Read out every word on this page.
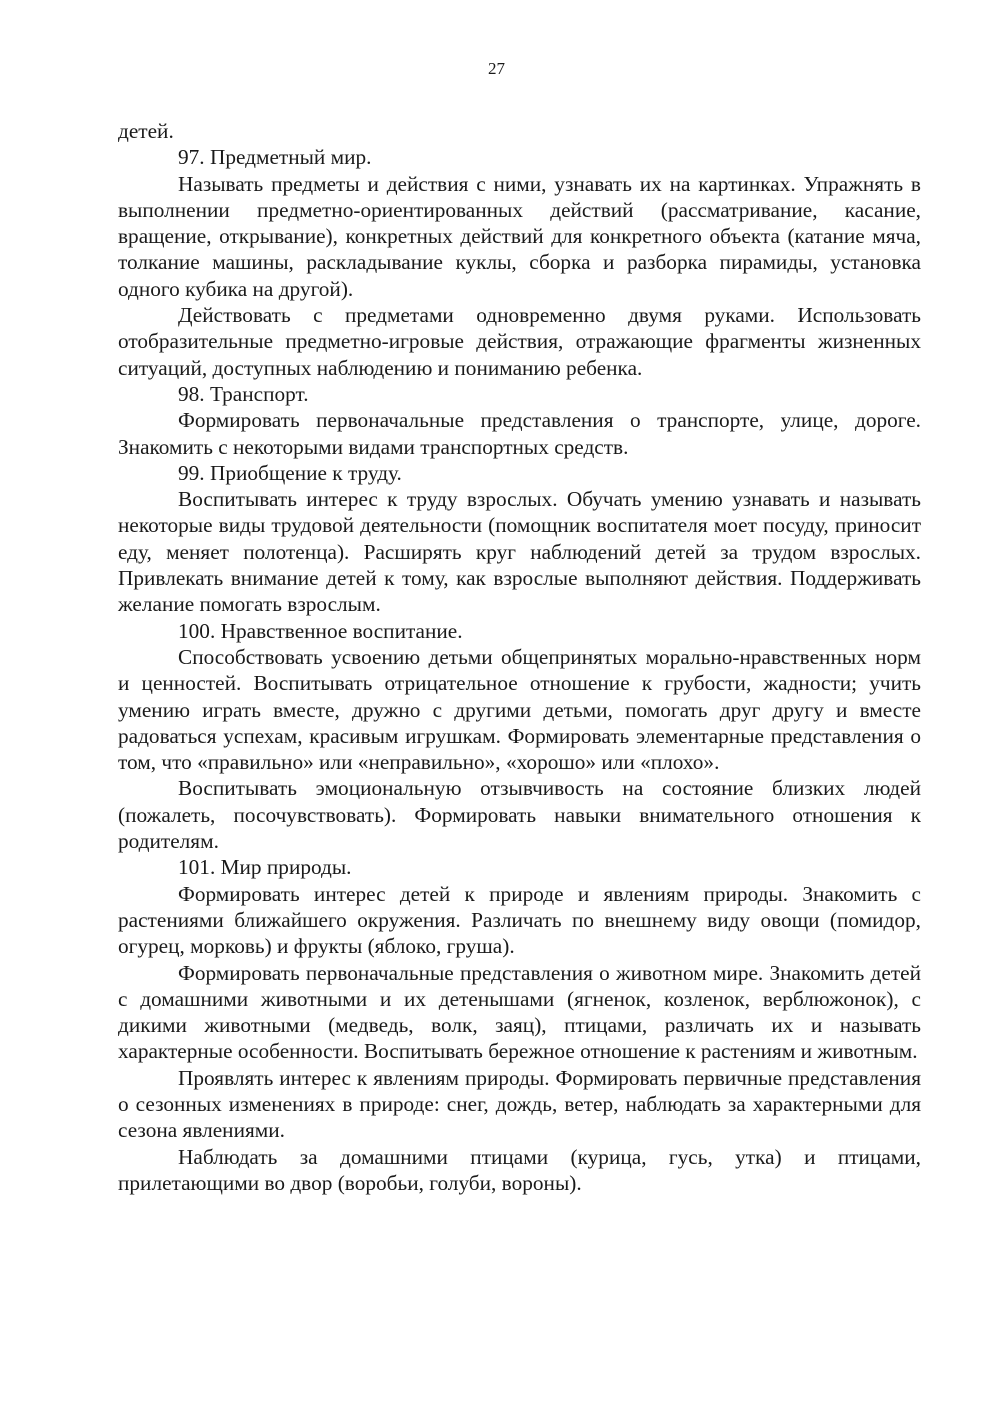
27

детей.

97. Предметный мир.

Называть предметы и действия с ними, узнавать их на картинках. Упражнять в выполнении предметно-ориентированных действий (рассматривание, касание, вращение, открывание), конкретных действий для конкретного объекта (катание мяча, толкание машины, раскладывание куклы, сборка и разборка пирамиды, установка одного кубика на другой).

Действовать с предметами одновременно двумя руками. Использовать отобразительные предметно-игровые действия, отражающие фрагменты жизненных ситуаций, доступных наблюдению и пониманию ребенка.

98. Транспорт.

Формировать первоначальные представления о транспорте, улице, дороге. Знакомить с некоторыми видами транспортных средств.

99. Приобщение к труду.

Воспитывать интерес к труду взрослых. Обучать умению узнавать и называть некоторые виды трудовой деятельности (помощник воспитателя моет посуду, приносит еду, меняет полотенца). Расширять круг наблюдений детей за трудом взрослых. Привлекать внимание детей к тому, как взрослые выполняют действия. Поддерживать желание помогать взрослым.

100. Нравственное воспитание.

Способствовать усвоению детьми общепринятых морально-нравственных норм и ценностей. Воспитывать отрицательное отношение к грубости, жадности; учить умению играть вместе, дружно с другими детьми, помогать друг другу и вместе радоваться успехам, красивым игрушкам. Формировать элементарные представления о том, что «правильно» или «неправильно», «хорошо» или «плохо».

Воспитывать эмоциональную отзывчивость на состояние близких людей (пожалеть, посочувствовать). Формировать навыки внимательного отношения к родителям.

101. Мир природы.

Формировать интерес детей к природе и явлениям природы. Знакомить с растениями ближайшего окружения. Различать по внешнему виду овощи (помидор, огурец, морковь) и фрукты (яблоко, груша).

Формировать первоначальные представления о животном мире. Знакомить детей с домашними животными и их детенышами (ягненок, козленок, верблюжонок), с дикими животными (медведь, волк, заяц), птицами, различать их и называть характерные особенности. Воспитывать бережное отношение к растениям и животным.

Проявлять интерес к явлениям природы. Формировать первичные представления о сезонных изменениях в природе: снег, дождь, ветер, наблюдать за характерными для сезона явлениями.

Наблюдать за домашними птицами (курица, гусь, утка) и птицами, прилетающими во двор (воробьи, голуби, вороны).
